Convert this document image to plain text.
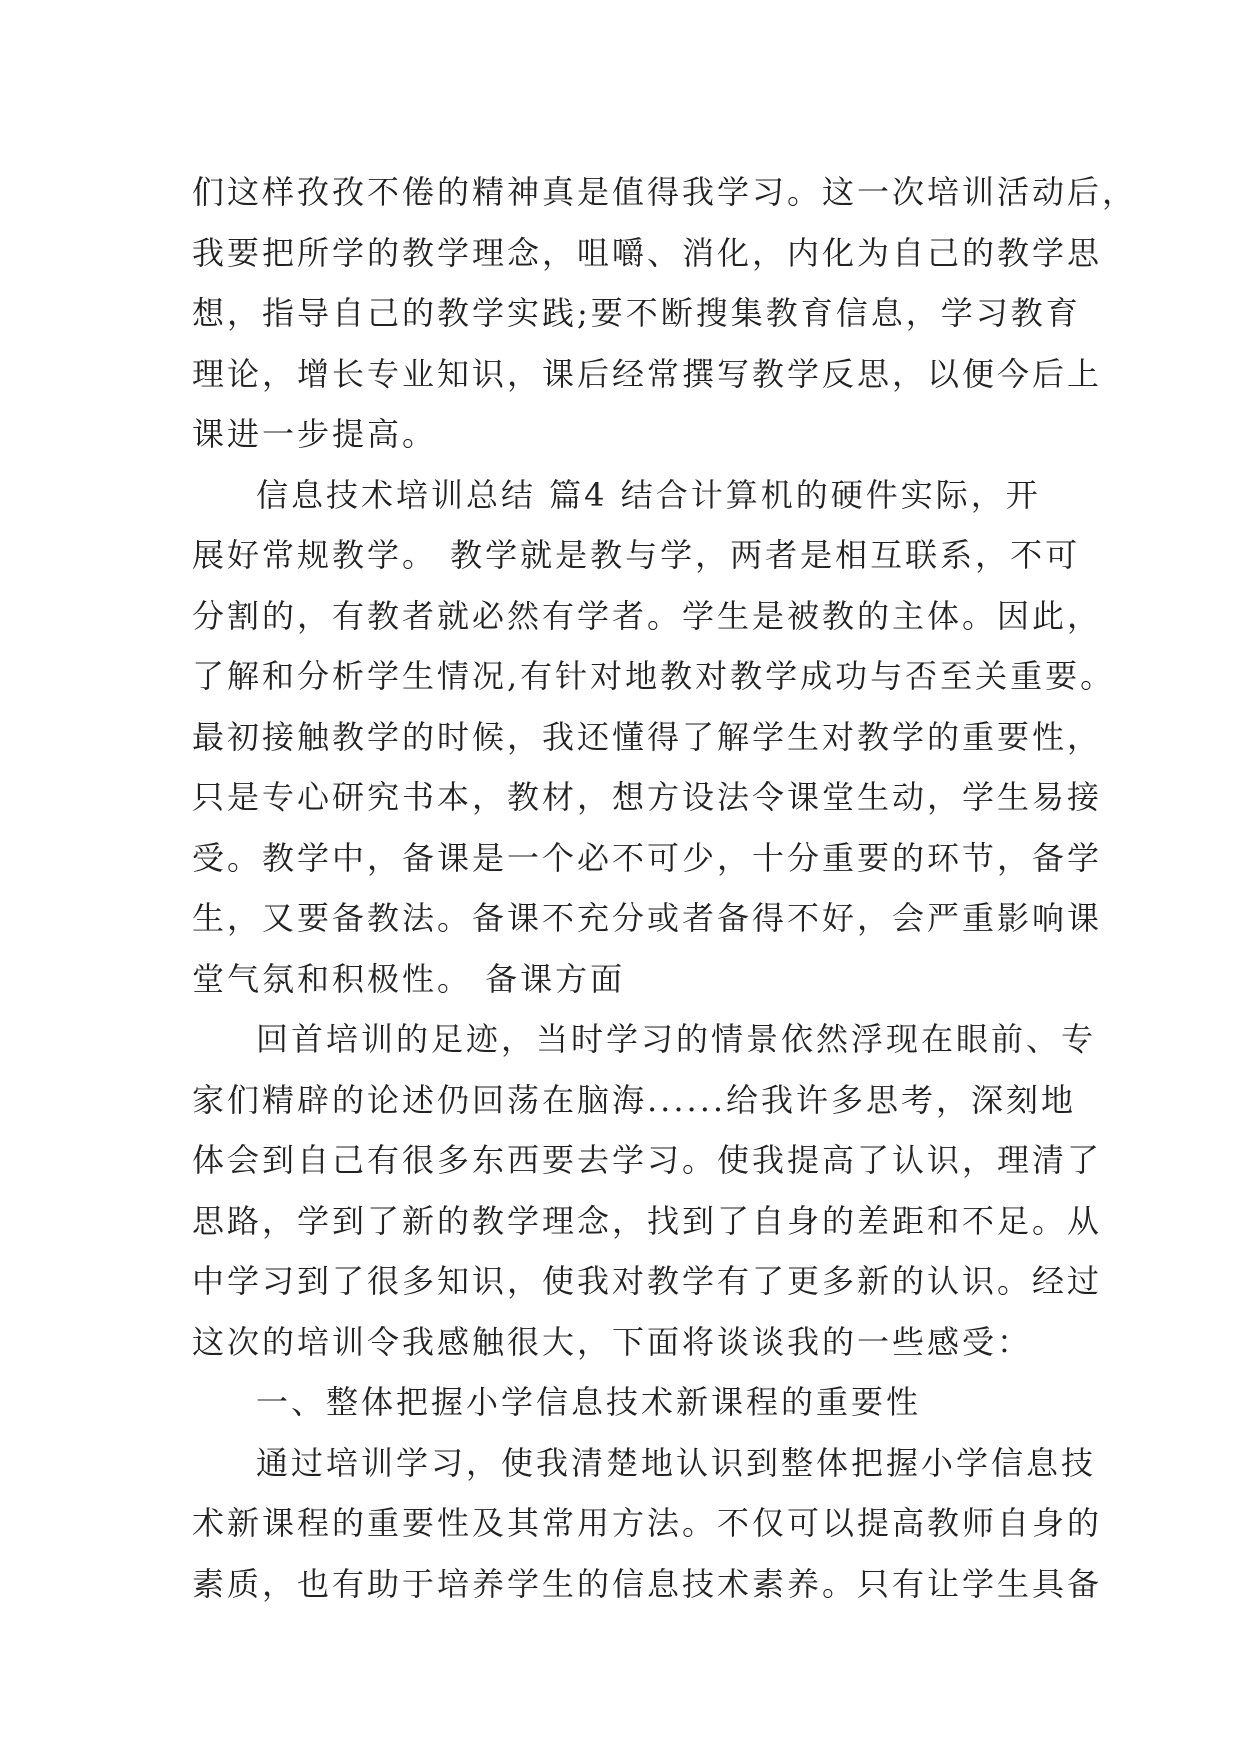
们这样孜孜不倦的精神真是值得我学习。这一次培训活动后，
我要把所学的教学理念，咀嚼、消化，内化为自己的教学思
想，指导自己的教学实践;要不断搜集教育信息，学习教育
理论，增长专业知识，课后经常撰写教学反思，以便今后上
课进一步提高。
信息技术培训总结 篇4 结合计算机的硬件实际，开
展好常规教学。 教学就是教与学，两者是相互联系，不可
分割的，有教者就必然有学者。学生是被教的主体。因此，
了解和分析学生情况,有针对地教对教学成功与否至关重要。
最初接触教学的时候，我还懂得了解学生对教学的重要性，
只是专心研究书本，教材，想方设法令课堂生动，学生易接
受。教学中，备课是一个必不可少，十分重要的环节，备学
生，又要备教法。备课不充分或者备得不好，会严重影响课
堂气氛和积极性。 备课方面
回首培训的足迹，当时学习的情景依然浮现在眼前、专
家们精辟的论述仍回荡在脑海......给我许多思考，深刻地
体会到自己有很多东西要去学习。使我提高了认识，理清了
思路，学到了新的教学理念，找到了自身的差距和不足。从
中学习到了很多知识，使我对教学有了更多新的认识。经过
这次的培训令我感触很大，下面将谈谈我的一些感受：
一、整体把握小学信息技术新课程的重要性
通过培训学习，使我清楚地认识到整体把握小学信息技
术新课程的重要性及其常用方法。不仅可以提高教师自身的
素质，也有助于培养学生的信息技术素养。只有让学生具备
